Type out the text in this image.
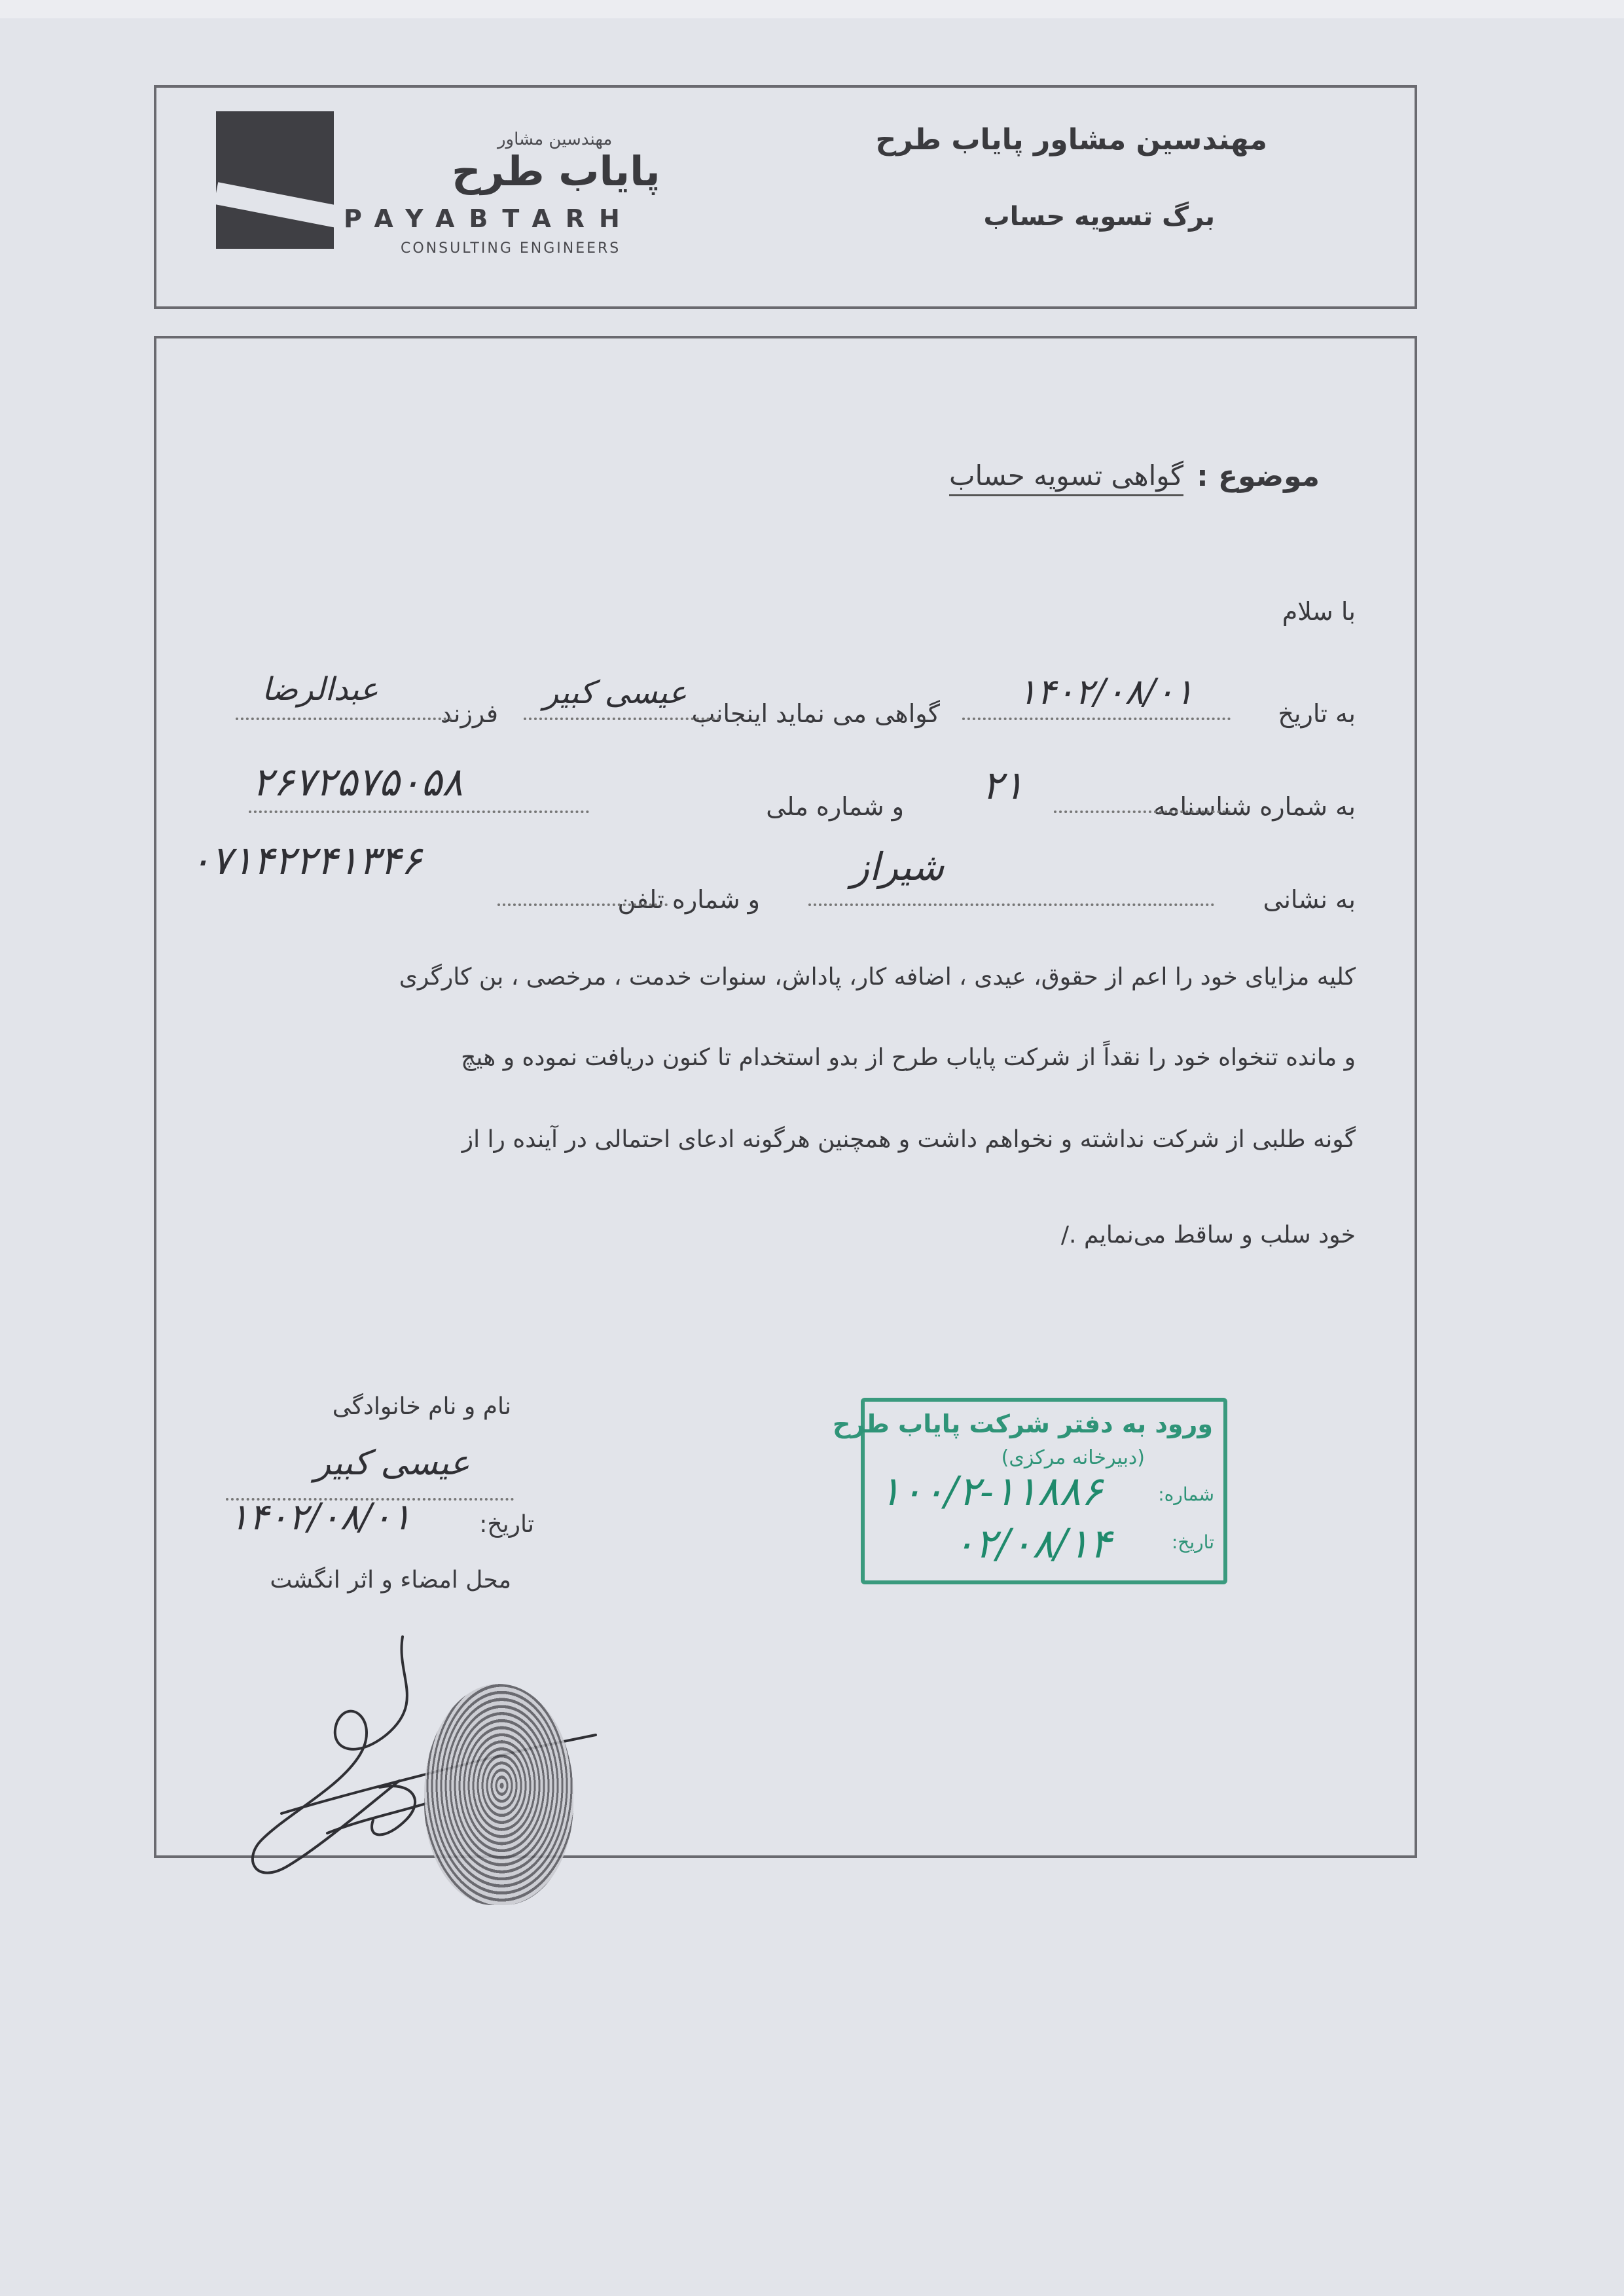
مهندسین مشاور
پایاب طرح
PAYABTARH
CONSULTING ENGINEERS
مهندسین مشاور پایاب طرح
برگ تسویه حساب
موضوع :
گواهی تسویه حساب
با سلام
به تاریخ
۱۴۰۲/۰۸/۰۱
گواهی می نماید اینجانب
عیسی کبیر
فرزند
عبدالرضا
به شماره شناسنامه
۲۱
و شماره ملی
۲۶۷۲۵۷۵۰۵۸
به نشانی
شیراز
و شماره تلفن
۰۷۱۴۲۲۴۱۳۴۶
کلیه مزایای خود را اعم از حقوق، عیدی ، اضافه کار، پاداش، سنوات خدمت ، مرخصی ، بن کارگری
و مانده تنخواه خود را نقداً از شرکت پایاب طرح از بدو استخدام تا کنون دریافت نموده و هیچ
گونه طلبی از شرکت نداشته و نخواهم داشت و همچنین هرگونه ادعای احتمالی در آینده را از
خود سلب و ساقط می‌نمایم ./
نام و نام خانوادگی
عیسی کبیر
تاریخ:
۱۴۰۲/۰۸/۰۱
محل امضاء و اثر انگشت
ورود به دفتر شرکت پایاب طرح
(دبیرخانه مرکزی)
شماره:
۱۰۰/۲-۱۱۸۸۶
تاریخ:
۰۲/۰۸/۱۴
